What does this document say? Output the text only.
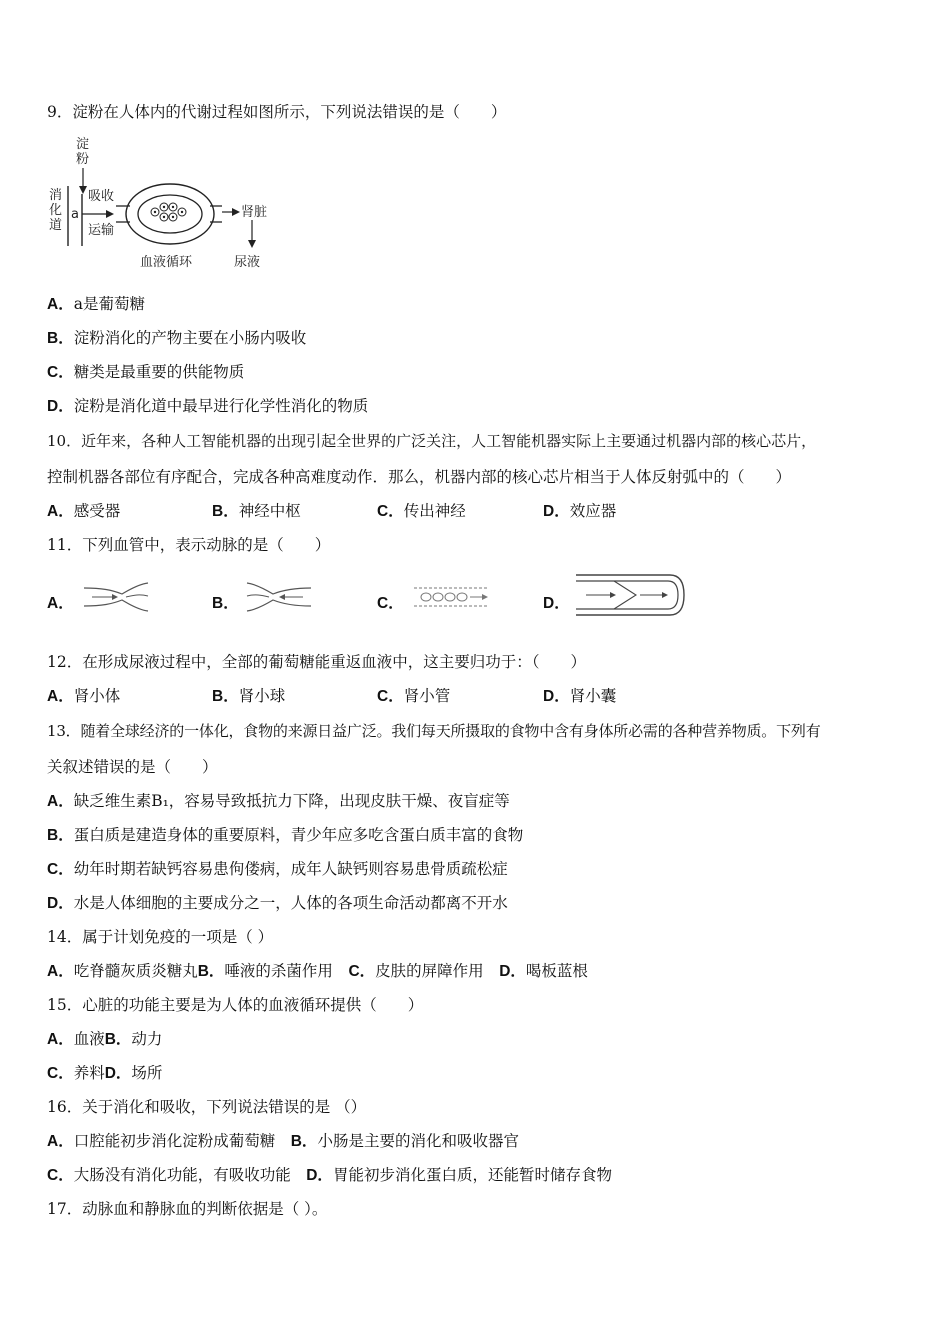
9．淀粉在人体内的代谢过程如图所示，下列说法错误的是（　　）
淀
粉
消
化
道
a
吸收
运输
肾脏
血液循环	尿液
A．a是葡萄糖
B．淀粉消化的产物主要在小肠内吸收
C．糖类是最重要的供能物质
D．淀粉是消化道中最早进行化学性消化的物质
10．近年来，各种人工智能机器的出现引起全世界的广泛关注，人工智能机器实际上主要通过机器内部的核心芯片，
控制机器各部位有序配合，完成各种高难度动作．那么，机器内部的核心芯片相当于人体反射弧中的（　　）
A．感受器	B．神经中枢	C．传出神经	D．效应器
11．下列血管中，表示动脉的是（　　）
A．	B．	C．	D．
12．在形成尿液过程中，全部的葡萄糖能重返血液中，这主要归功于：（　　）
A．肾小体	B．肾小球	C．肾小管	D．肾小囊
13．随着全球经济的一体化，食物的来源日益广泛。我们每天所摄取的食物中含有身体所必需的各种营养物质。下列有
关叙述错误的是（　　）
A．缺乏维生素B₁，容易导致抵抗力下降，出现皮肤干燥、夜盲症等
B．蛋白质是建造身体的重要原料，青少年应多吃含蛋白质丰富的食物
C．幼年时期若缺钙容易患佝偻病，成年人缺钙则容易患骨质疏松症
D．水是人体细胞的主要成分之一，人体的各项生命活动都离不开水
14．属于计划免疫的一项是（ ）
A．吃脊髓灰质炎糖丸B．唾液的杀菌作用　 C．皮肤的屏障作用　 D．喝板蓝根
15．心脏的功能主要是为人体的血液循环提供（　　）
A．血液B．动力
C．养料D．场所
16．关于消化和吸收，下列说法错误的是 （）
A．口腔能初步消化淀粉成葡萄糖　 B．小肠是主要的消化和吸收器官
C．大肠没有消化功能，有吸收功能　 D．胃能初步消化蛋白质，还能暂时储存食物
17．动脉血和静脉血的判断依据是（ ）。
